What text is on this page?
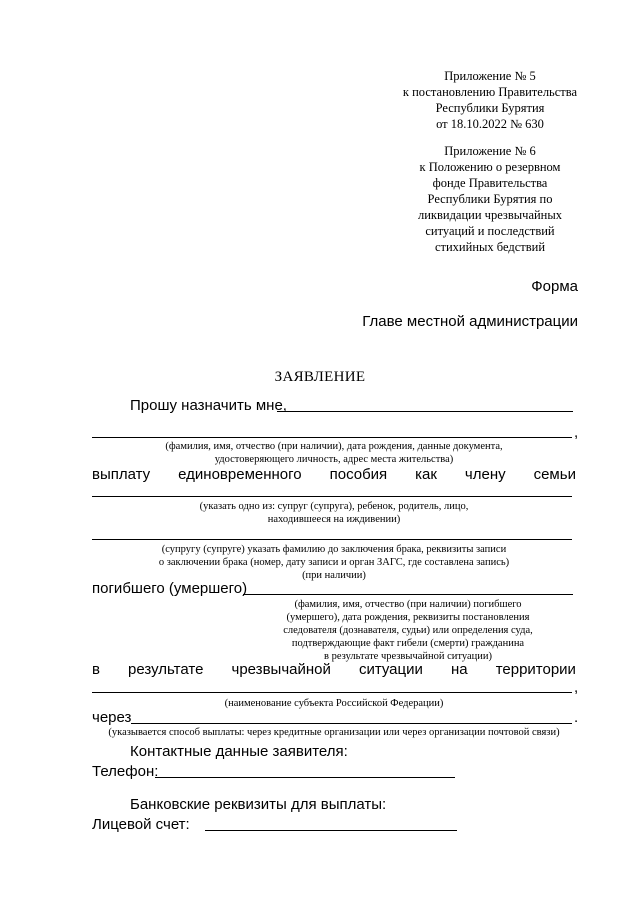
Приложение № 5
к постановлению Правительства
Республики Бурятия
от 18.10.2022 № 630
Приложение № 6
к Положению о резервном
фонде Правительства
Республики Бурятия по
ликвидации чрезвычайных
ситуаций и последствий
стихийных бедствий
Форма
Главе местной администрации
ЗАЯВЛЕНИЕ
Прошу назначить мне,
,
(фамилия, имя, отчество (при наличии), дата рождения, данные документа,
удостоверяющего личность, адрес места жительства)
выплату единовременного пособия как члену семьи
(указать одно из: супруг (супруга), ребенок, родитель, лицо,
находившееся на иждивении)
(супругу (супруге) указать фамилию до заключения брака, реквизиты записи
о заключении брака (номер, дату записи и орган ЗАГС, где составлена запись)
(при наличии)
погибшего (умершего)
(фамилия, имя, отчество (при наличии) погибшего
(умершего), дата рождения, реквизиты постановления
следователя (дознавателя, судьи) или определения суда,
подтверждающие факт гибели (смерти) гражданина
в результате чрезвычайной ситуации)
в результате чрезвычайной ситуации на территории
,
(наименование субъекта Российской Федерации)
через	.
(указывается способ выплаты: через кредитные организации или через организации почтовой связи)
Контактные данные заявителя:
Телефон:
Банковские реквизиты для выплаты:
Лицевой счет:
